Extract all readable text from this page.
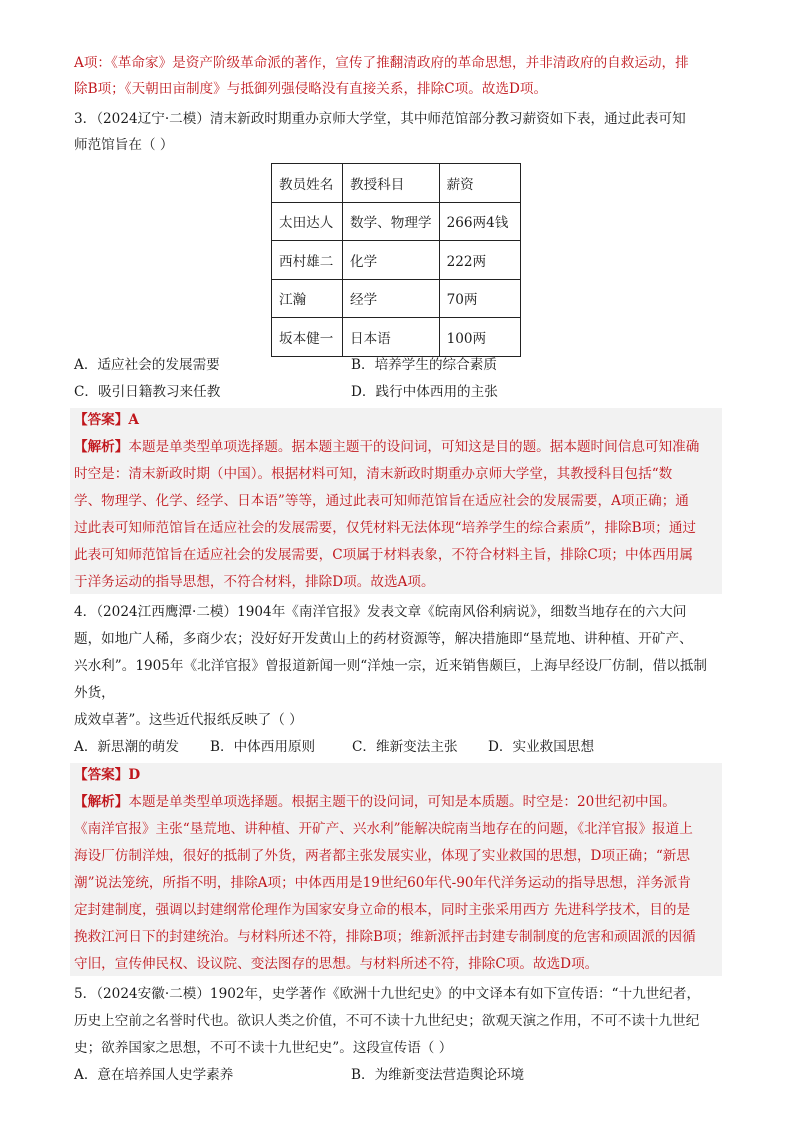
A项：《革命家》是资产阶级革命派的著作，宣传了推翻清政府的革命思想，并非清政府的自救运动，排
除B项；《天朝田亩制度》与抵御列强侵略没有直接关系，排除C项。故选D项。
3．（2024辽宁·二模）清末新政时期重办京师大学堂，其中师范馆部分教习薪资如下表，通过此表可知
师范馆旨在（ ）
教员姓名	教授科目	薪资
太田达人	数学、物理学	266两4钱
西村雄二	化学	222两
江瀚	经学	70两
坂本健一	日本语	100两
A．适应社会的发展需要	B．培养学生的综合素质
C．吸引日籍教习来任教	D．践行中体西用的主张
【答案】A
【解析】本题是单类型单项选择题。据本题主题干的设问词，可知这是目的题。据本题时间信息可知准确
时空是：清末新政时期（中国）。根据材料可知，清末新政时期重办京师大学堂，其教授科目包括“数
学、物理学、化学、经学、日本语”等等，通过此表可知师范馆旨在适应社会的发展需要，A项正确；通
过此表可知师范馆旨在适应社会的发展需要，仅凭材料无法体现“培养学生的综合素质”，排除B项；通过
此表可知师范馆旨在适应社会的发展需要，C项属于材料表象，不符合材料主旨，排除C项；中体西用属
于洋务运动的指导思想，不符合材料，排除D项。故选A项。
4．（2024江西鹰潭·二模）1904年《南洋官报》发表文章《皖南风俗利病说》，细数当地存在的六大问
题，如地广人稀，多商少农；没好好开发黄山上的药材资源等，解决措施即“垦荒地、讲种植、开矿产、
兴水利”。1905年《北洋官报》曾报道新闻一则“洋烛一宗，近来销售颇巨，上海早经设厂仿制，借以抵制
外货，
成效卓著”。这些近代报纸反映了（ ）
A．新思潮的萌发 B．中体西用原则	C．维新变法主张 D．实业救国思想
【答案】D
【解析】本题是单类型单项选择题。根据主题干的设问词，可知是本质题。时空是：20世纪初中国。
《南洋官报》主张“垦荒地、讲种植、开矿产、兴水利”能解决皖南当地存在的问题，《北洋官报》报道上
海设厂仿制洋烛，很好的抵制了外货，两者都主张发展实业，体现了实业救国的思想，D项正确；“新思
潮”说法笼统，所指不明，排除A项；中体西用是19世纪60年代-90年代洋务运动的指导思想，洋务派肯
定封建制度，强调以封建纲常伦理作为国家安身立命的根本，同时主张采用西方 先进科学技术，目的是
挽救江河日下的封建统治。与材料所述不符，排除B项；维新派抨击封建专制制度的危害和顽固派的因循
守旧，宣传伸民权、设议院、变法图存的思想。与材料所述不符，排除C项。故选D项。
5．（2024安徽·二模）1902年，史学著作《欧洲十九世纪史》的中文译本有如下宣传语：“十九世纪者，
历史上空前之名誉时代也。欲识人类之价值，不可不读十九世纪史；欲观天演之作用，不可不读十九世纪
史；欲养国家之思想，不可不读十九世纪史”。这段宣传语（ ）
A．意在培养国人史学素养	B．为维新变法营造舆论环境
